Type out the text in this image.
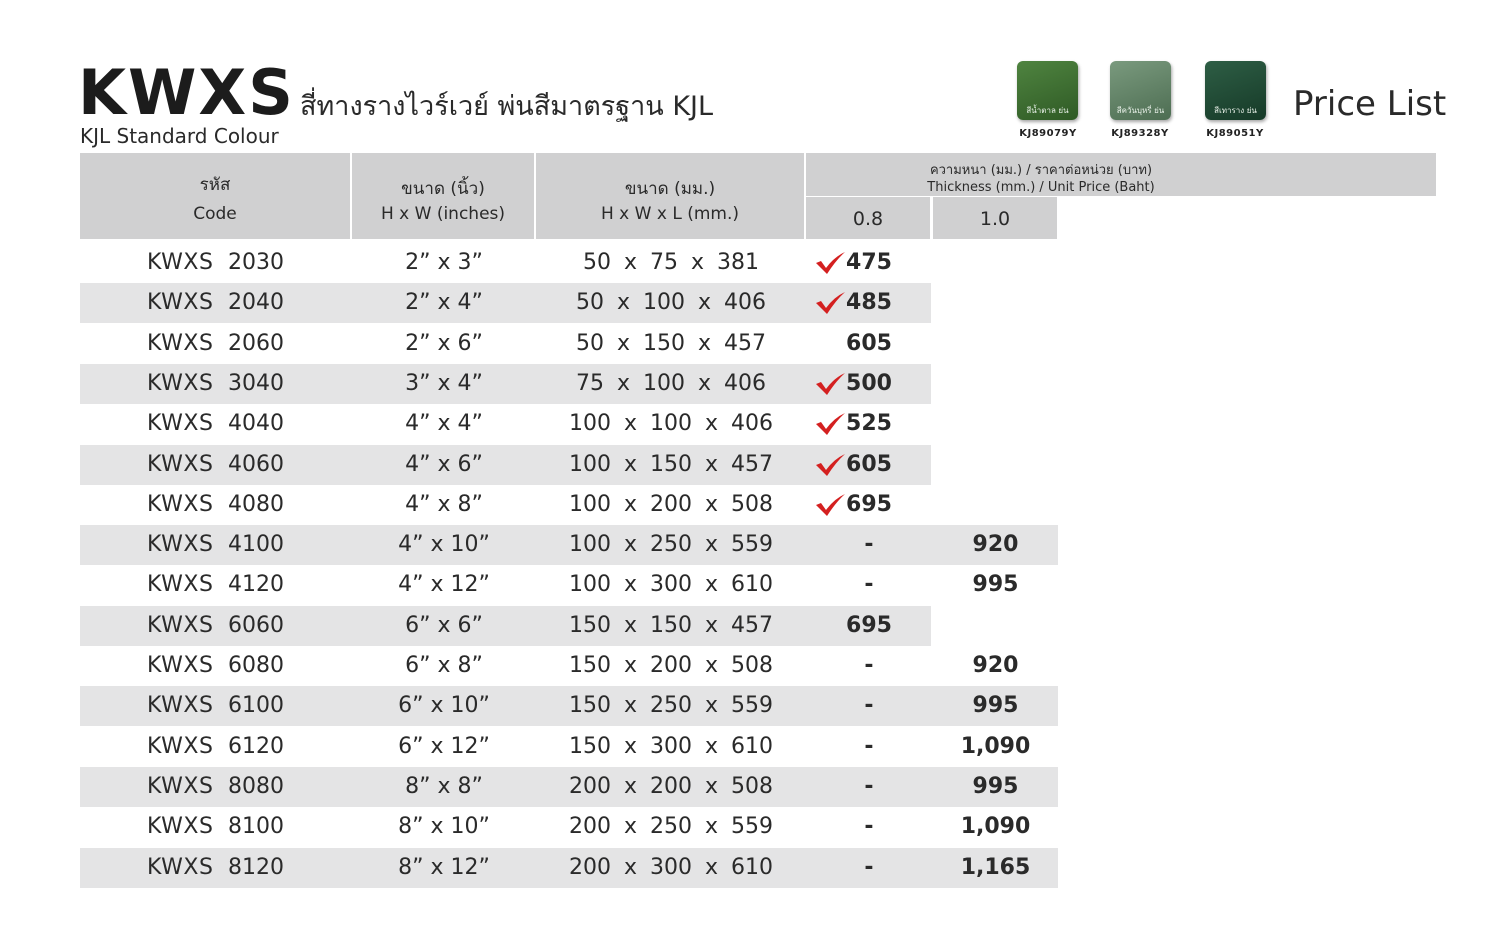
KWXS สี่ทางรางไวร์เวย์ พ่นสีมาตรฐาน KJL
KJL Standard Colour
Price List
สีน้ำตาล ย่น
KJ89079Y
สีควันบุหรี่ ย่น
KJ89328Y
สีเทาราง ย่น
KJ89051Y
รหัส
Code
ขนาด (นิ้ว)
H x W (inches)
ขนาด (มม.)
H x W x L (mm.)
ความหนา (มม.) / ราคาต่อหน่วย (บาท)
Thickness (mm.) / Unit Price (Baht)
0.8	1.0
KWXS 2030	2” x 3”	50 x 75 x 381	475
KWXS 2040	2” x 4”	50 x 100 x 406	485
KWXS 2060	2” x 6”	50 x 150 x 457	605
KWXS 3040	3” x 4”	75 x 100 x 406	500
KWXS 4040	4” x 4”	100 x 100 x 406	525
KWXS 4060	4” x 6”	100 x 150 x 457	605
KWXS 4080	4” x 8”	100 x 200 x 508	695
KWXS 4100	4” x 10”	100 x 250 x 559	-	920
KWXS 4120	4” x 12”	100 x 300 x 610	-	995
KWXS 6060	6” x 6”	150 x 150 x 457	695
KWXS 6080	6” x 8”	150 x 200 x 508	-	920
KWXS 6100	6” x 10”	150 x 250 x 559	-	995
KWXS 6120	6” x 12”	150 x 300 x 610	-	1,090
KWXS 8080	8” x 8”	200 x 200 x 508	-	995
KWXS 8100	8” x 10”	200 x 250 x 559	-	1,090
KWXS 8120	8” x 12”	200 x 300 x 610	-	1,165
